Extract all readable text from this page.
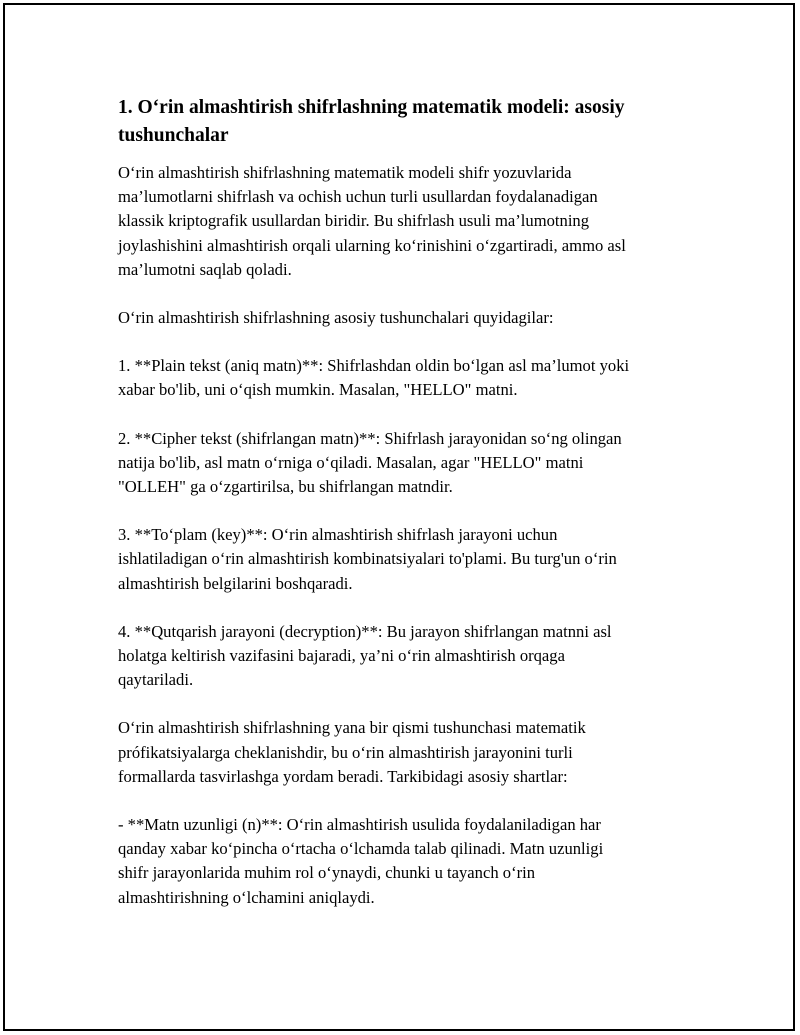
1. O‘rin almashtirish shifrlashning matematik modeli: asosiy
tushunchalar

O‘rin almashtirish shifrlashning matematik modeli shifr yozuvlarida
ma’lumotlarni shifrlash va ochish uchun turli usullardan foydalanadigan
klassik kriptografik usullardan biridir. Bu shifrlash usuli ma’lumotning
joylashishini almashtirish orqali ularning ko‘rinishini o‘zgartiradi, ammo asl
ma’lumotni saqlab qoladi.

O‘rin almashtirish shifrlashning asosiy tushunchalari quyidagilar:

1. **Plain tekst (aniq matn)**: Shifrlashdan oldin bo‘lgan asl ma’lumot yoki
xabar bo'lib, uni o‘qish mumkin. Masalan, "HELLO" matni.

2. **Cipher tekst (shifrlangan matn)**: Shifrlash jarayonidan so‘ng olingan
natija bo'lib, asl matn o‘rniga o‘qiladi. Masalan, agar "HELLO" matni
"OLLEH" ga o‘zgartirilsa, bu shifrlangan matndir.

3. **To‘plam (key)**: O‘rin almashtirish shifrlash jarayoni uchun
ishlatiladigan o‘rin almashtirish kombinatsiyalari to'plami. Bu turg'un o‘rin
almashtirish belgilarini boshqaradi.

4. **Qutqarish jarayoni (decryption)**: Bu jarayon shifrlangan matnni asl
holatga keltirish vazifasini bajaradi, ya’ni o‘rin almashtirish orqaga
qaytariladi.

O‘rin almashtirish shifrlashning yana bir qismi tushunchasi matematik
prófikatsiyalarga cheklanishdir, bu o‘rin almashtirish jarayonini turli
formallarda tasvirlashga yordam beradi. Tarkibidagi asosiy shartlar:

- **Matn uzunligi (n)**: O‘rin almashtirish usulida foydalaniladigan har
qanday xabar ko‘pincha o‘rtacha o‘lchamda talab qilinadi. Matn uzunligi
shifr jarayonlarida muhim rol o‘ynaydi, chunki u tayanch o‘rin
almashtirishning o‘lchamini aniqlaydi.
